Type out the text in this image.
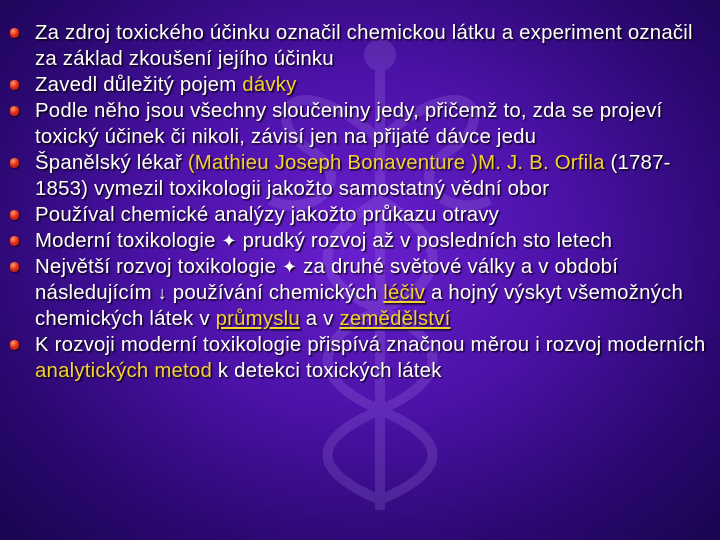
Za zdroj toxického účinku označil chemickou látku a experiment označil za základ zkoušení jejího účinku
Zavedl důležitý pojem dávky
Podle něho jsou všechny sloučeniny jedy, přičemž to, zda se projeví toxický účinek či nikoli, závisí jen na přijaté dávce jedu
Španělský lékař (Mathieu Joseph Bonaventure )M. J. B. Orfila (1787-1853) vymezil toxikologii jakožto samostatný vědní obor
Používal chemické analýzy jakožto průkazu otravy
Moderní toxikologie ✦ prudký rozvoj až v posledních sto letech
Největší rozvoj toxikologie ✦ za druhé světové války a v období následujícím ↓ používání chemických léčiv a hojný výskyt všemožných chemických látek v průmyslu a v zemědělství
K rozvoji moderní toxikologie přispívá značnou měrou i rozvoj moderních analytických metod k detekci toxických látek
